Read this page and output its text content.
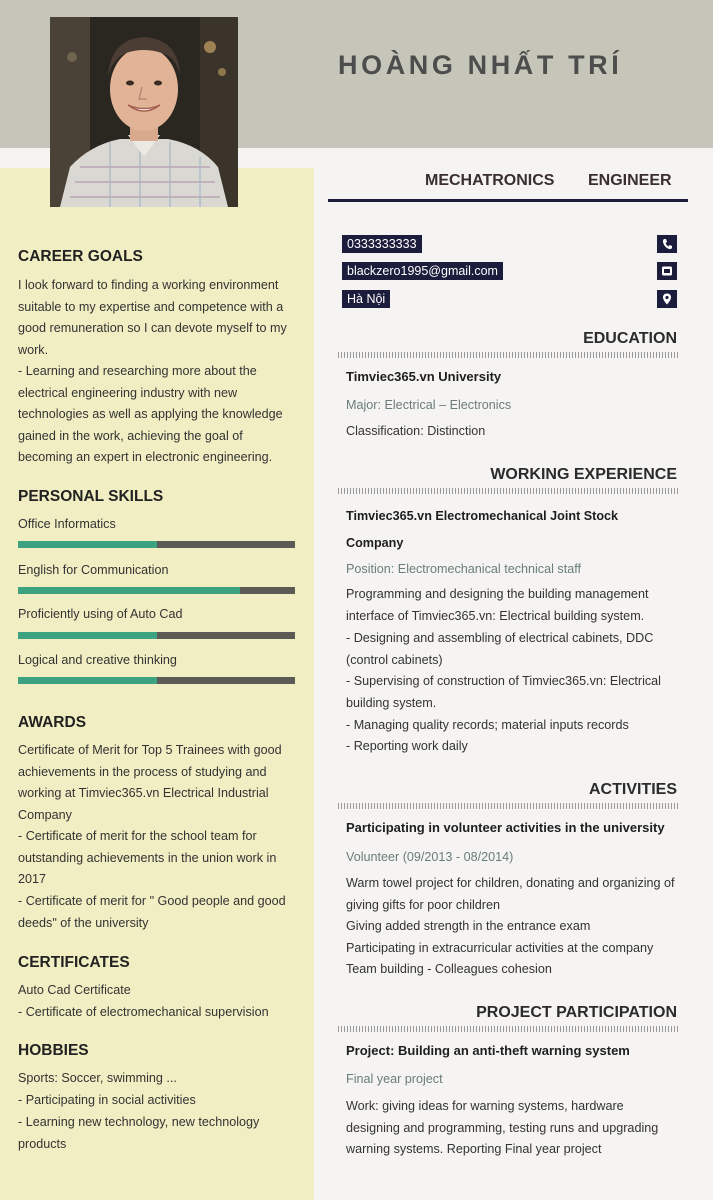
HOÀNG NHẤT TRÍ
MECHATRONICS ENGINEER
0333333333
blackzero1995@gmail.com
Hà Nội
CAREER GOALS

I look forward to finding a working environment suitable to my expertise and competence with a good remuneration so I can devote myself to my work.

- Learning and researching more about the electrical engineering industry with new technologies as well as applying the knowledge gained in the work, achieving the goal of becoming an expert in electronic engineering.

PERSONAL SKILLS
Office Informatics
English for Communication
Proficiently using of Auto Cad
Logical and creative thinking
AWARDS

Certificate of Merit for Top 5 Trainees with good achievements in the process of studying and working at Timviec365.vn Electrical Industrial Company

- Certificate of merit for the school team for outstanding achievements in the union work in 2017

- Certificate of merit for " Good people and good deeds" of the university

CERTIFICATES

Auto Cad Certificate

- Certificate of electromechanical supervision

HOBBIES

Sports: Soccer, swimming ...

- Participating in social activities

- Learning new technology, new technology products

EDUCATION
Timviec365.vn University
Major: Electrical – Electronics
Classification: Distinction
WORKING EXPERIENCE
Timviec365.vn Electromechanical Joint Stock Company
Position: Electromechanical technical staff

Programming and designing the building management interface of Timviec365.vn: Electrical building system.

- Designing and assembling of electrical cabinets, DDC (control cabinets)

- Supervising of construction of Timviec365.vn: Electrical building system.

- Managing quality records; material inputs records

- Reporting work daily

ACTIVITIES
Participating in volunteer activities in the university
Volunteer (09/2013 - 08/2014)

Warm towel project for children, donating and organizing of giving gifts for poor children

Giving added strength in the entrance exam

Participating in extracurricular activities at the company

Team building - Colleagues cohesion

PROJECT PARTICIPATION
Project: Building an anti-theft warning system
Final year project

Work: giving ideas for warning systems, hardware designing and programming, testing runs and upgrading warning systems. Reporting Final year project
